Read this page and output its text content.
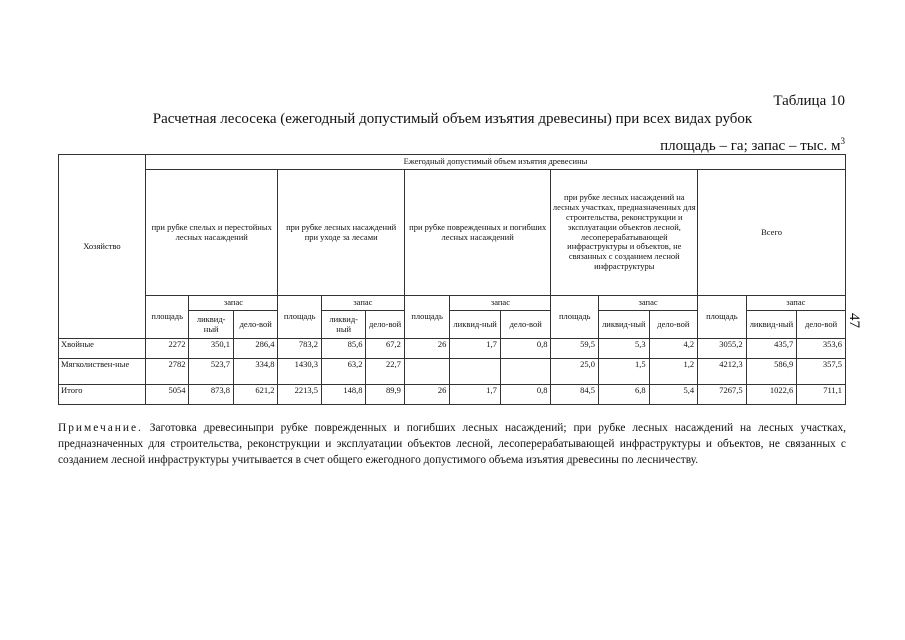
Таблица 10
Расчетная лесосека (ежегодный допустимый объем изъятия древесины) при всех видах рубок
площадь – га; запас – тыс. $м^3$
47
Хозяйство	Ежегодный допустимый объем изъятия древесины														
	при рубке спелых и перестойных лесных насаждений			при рубке лесных насаждений при уходе за лесами			при рубке поврежденных и погибших лесных насаждений			при рубке лесных насаждений на лесных участках, предназначенных для строительства, реконструкции и эксплуатации объектов лесной, лесоперерабатывающей инфраструктуры и объектов, не связанных с созданием лесной инфраструктуры			Всего		
	площадь	запас		площадь	запас		площадь	запас		площадь	запас		площадь	запас	
		ликвид-ный	дело-вой		ликвид-ный	дело-вой		ликвид-ный	дело-вой		ликвид-ный	дело-вой		ликвид-ный	дело-вой
Хвойные	2272	350,1	286,4	783,2	85,6	67,2	26	1,7	0,8	59,5	5,3	4,2	3055,2	435,7	353,6
Мягколиствен-ные	2782	523,7	334,8	1430,3	63,2	22,7				25,0	1,5	1,2	4212,3	586,9	357,5
Итого	5054	873,8	621,2	2213,5	148,8	89,9	26	1,7	0,8	84,5	6,8	5,4	7267,5	1022,6	711,1
Примечание. Заготовка древесиныпри рубке поврежденных и погибших лесных насаждений; при рубке лесных насаждений на лесных участках, предназначенных для строительства, реконструкции и эксплуатации объектов лесной, лесоперерабатывающей инфраструктуры и объектов, не связанных с созданием лесной инфраструктуры учитывается в счет общего ежегодного допустимого объема изъятия древесины по лесничеству.
